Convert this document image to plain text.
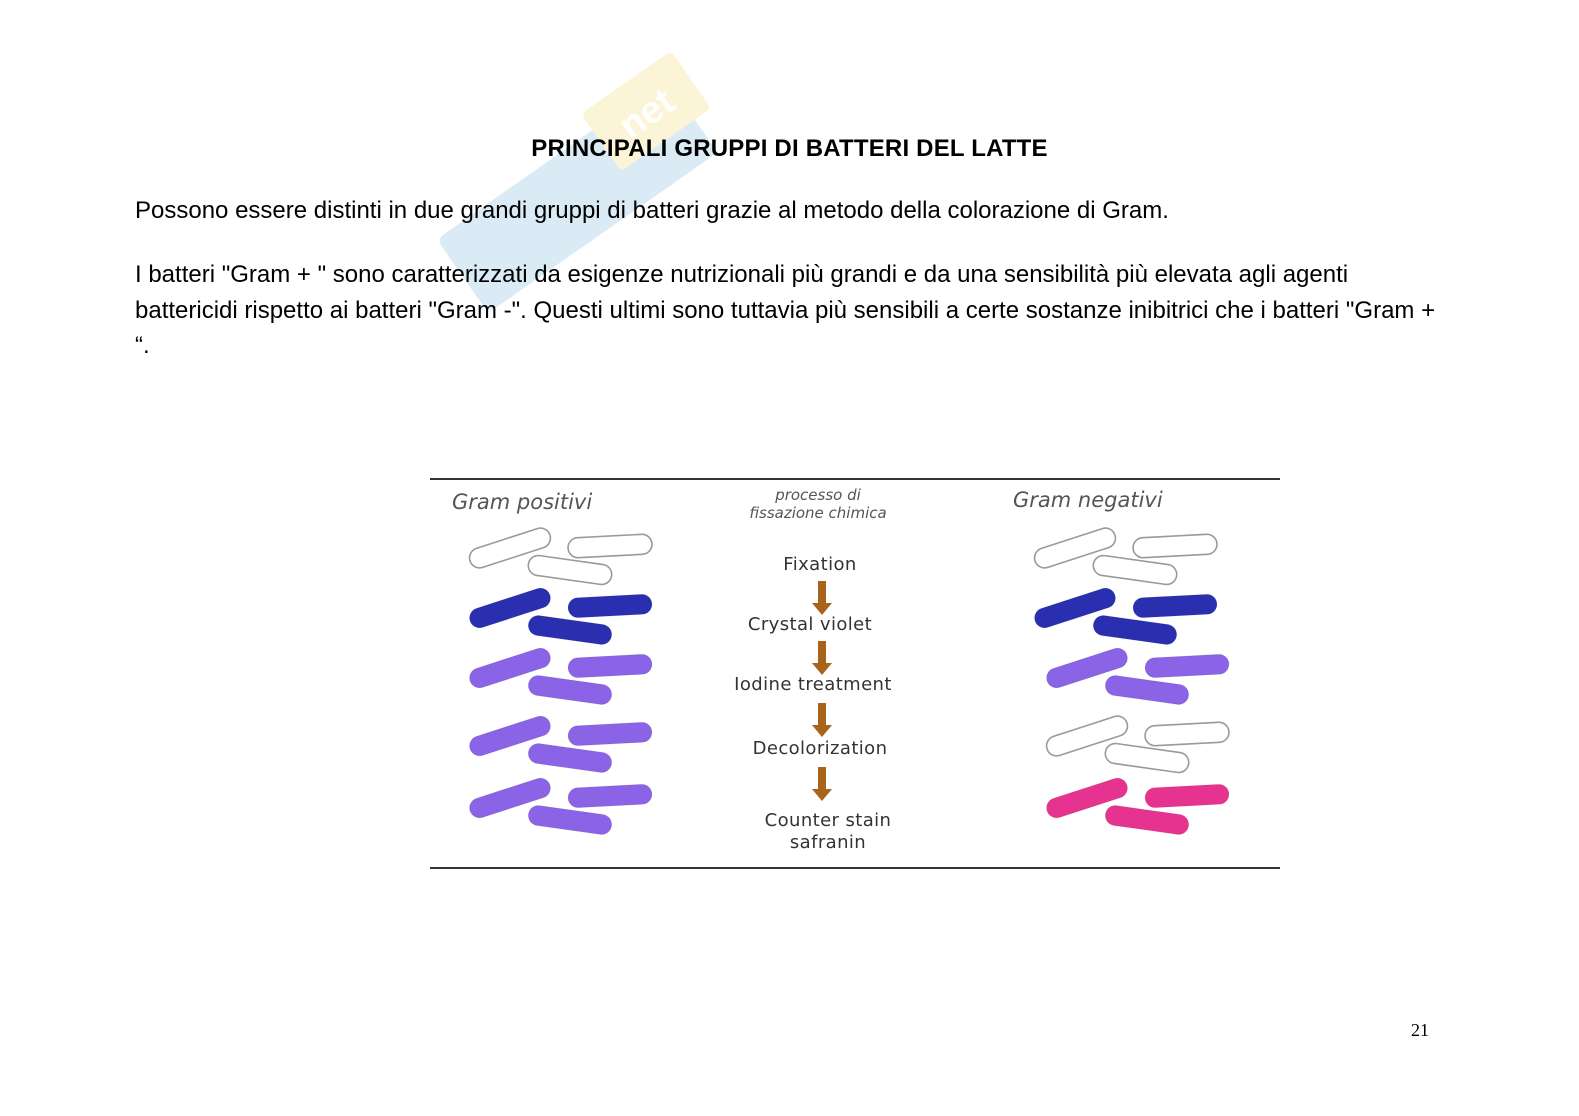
.net
PRINCIPALI GRUPPI DI BATTERI DEL LATTE
Possono essere distinti in due grandi gruppi di batteri grazie al metodo della colorazione di Gram.
I batteri "Gram + " sono caratterizzati da esigenze nutrizionali più grandi e da una sensibilità più elevata agli agenti battericidi rispetto ai batteri "Gram -". Questi ultimi sono tuttavia più sensibili a certe sostanze inibitrici che i batteri "Gram + “.
Gram positivi	Gram negativi
processo di fissazione chimica
Fixation
Crystal violet
Iodine treatment
Decolorization
Counter stain safranin
21
